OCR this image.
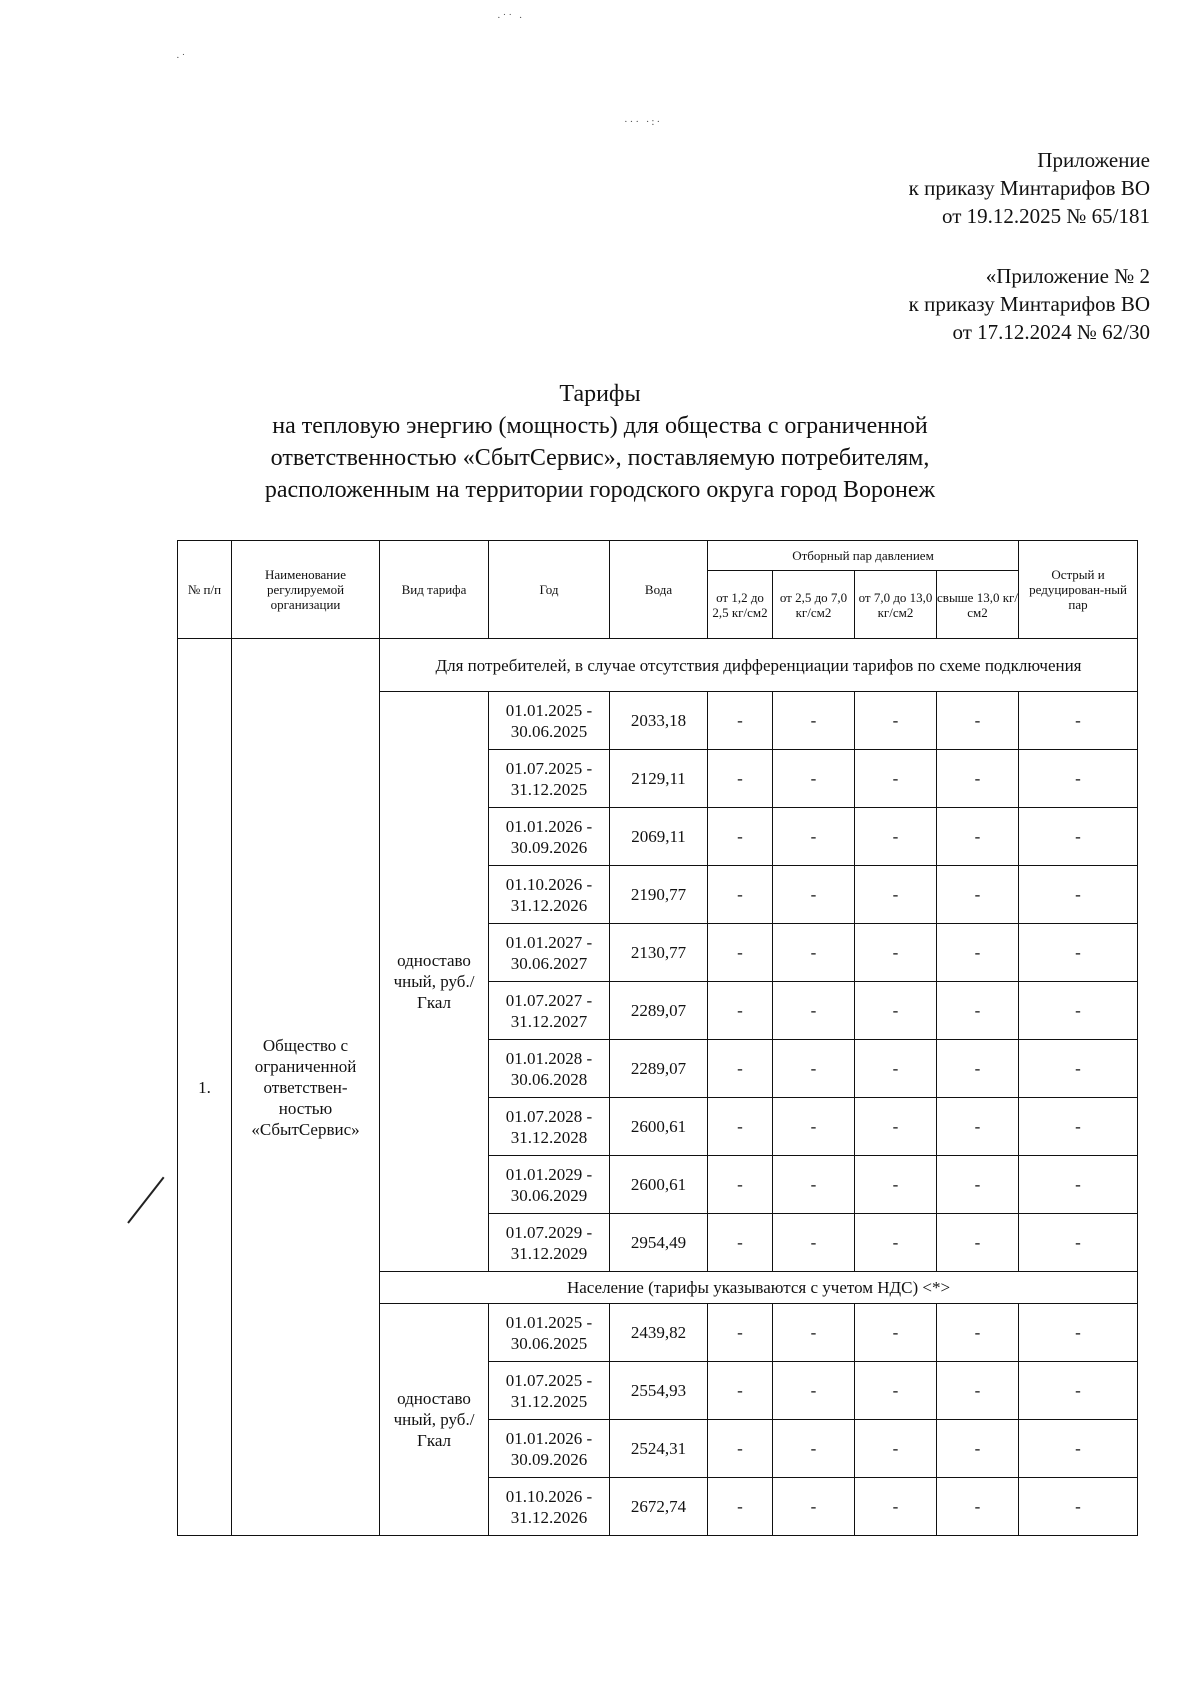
·˙˙ ·
·˙
··· ·:·
Приложение
к приказу Минтарифов ВО
от 19.12.2025 № 65/181
«Приложение № 2
к приказу Минтарифов ВО
от 17.12.2024 № 62/30
Тарифы
на тепловую энергию (мощность) для общества с ограниченной
ответственностью «СбытСервис», поставляемую потребителям,
расположенным на территории городского округа город Воронеж
№ п/п	Наименование регулируемой организации	Вид тарифа	Год	Вода	Отборный пар давлением				Острый и редуцирован-ный пар
					от 1,2 до 2,5 кг/см2	от 2,5 до 7,0 кг/см2	от 7,0 до 13,0 кг/см2	свыше 13,0 кг/см2	
1.	Общество с ограниченной ответствен-ностью «СбытСервис»	Для потребителей, в случае отсутствия дифференциации тарифов по схеме подключения							
		одноставо чный, руб./Гкал	01.01.2025 - 30.06.2025	2033,18	-	-	-	-	-
			01.07.2025 - 31.12.2025	2129,11	-	-	-	-	-
			01.01.2026 - 30.09.2026	2069,11	-	-	-	-	-
			01.10.2026 - 31.12.2026	2190,77	-	-	-	-	-
			01.01.2027 - 30.06.2027	2130,77	-	-	-	-	-
			01.07.2027 - 31.12.2027	2289,07	-	-	-	-	-
			01.01.2028 - 30.06.2028	2289,07	-	-	-	-	-
			01.07.2028 - 31.12.2028	2600,61	-	-	-	-	-
			01.01.2029 - 30.06.2029	2600,61	-	-	-	-	-
			01.07.2029 - 31.12.2029	2954,49	-	-	-	-	-
		Население (тарифы указываются с учетом НДС) <*>							
		одноставо чный, руб./Гкал	01.01.2025 - 30.06.2025	2439,82	-	-	-	-	-
			01.07.2025 - 31.12.2025	2554,93	-	-	-	-	-
			01.01.2026 - 30.09.2026	2524,31	-	-	-	-	-
			01.10.2026 - 31.12.2026	2672,74	-	-	-	-	-
